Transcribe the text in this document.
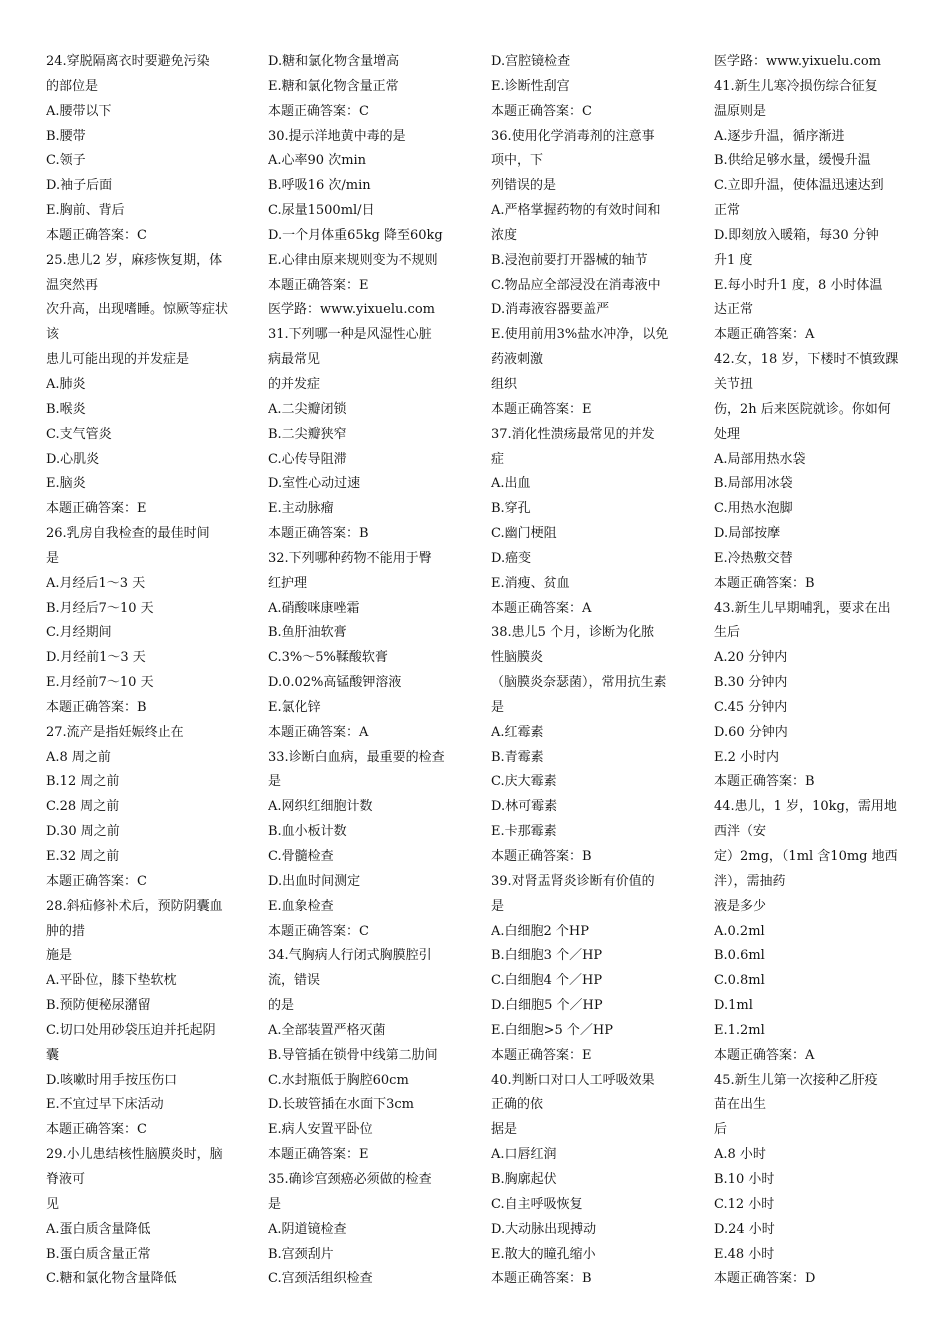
24.穿脱隔离衣时要避免污染
的部位是
A.腰带以下
B.腰带
C.领子
D.袖子后面
E.胸前、背后
本题正确答案：C
25.患儿2 岁，麻疹恢复期，体
温突然再
次升高，出现嗜睡。惊厥等症状
该
患儿可能出现的并发症是
A.肺炎
B.喉炎
C.支气管炎
D.心肌炎
E.脑炎
本题正确答案：E
26.乳房自我检查的最佳时间
是
A.月经后1～3 天
B.月经后7～10 天
C.月经期间
D.月经前1～3 天
E.月经前7～10 天
本题正确答案：B
27.流产是指妊娠终止在
A.8 周之前
B.12 周之前
C.28 周之前
D.30 周之前
E.32 周之前
本题正确答案：C
28.斜疝修补术后，预防阴囊血
肿的措
施是
A.平卧位，膝下垫软枕
B.预防便秘尿潴留
C.切口处用砂袋压迫并托起阴
囊
D.咳嗽时用手按压伤口
E.不宜过早下床活动
本题正确答案：C
29.小儿患结核性脑膜炎时，脑
脊液可
见
A.蛋白质含量降低
B.蛋白质含量正常
C.糖和氯化物含量降低
D.糖和氯化物含量增高
E.糖和氯化物含量正常
本题正确答案：C
30.提示洋地黄中毒的是
A.心率90 次min
B.呼吸16 次/min
C.尿量1500ml/日
D.一个月体重65kg 降至60kg
E.心律由原来规则变为不规则
本题正确答案：E
医学路：www.yixuelu.com
31.下列哪一种是风湿性心脏
病最常见
的并发症
A.二尖瓣闭锁
B.二尖瓣狭窄
C.心传导阻滞
D.室性心动过速
E.主动脉瘤
本题正确答案：B
32.下列哪种药物不能用于臀
红护理
A.硝酸咪康唑霜
B.鱼肝油软膏
C.3%～5%鞣酸软膏
D.0.02%高锰酸钾溶液
E.氯化锌
本题正确答案：A
33.诊断白血病，最重要的检查
是
A.网织红细胞计数
B.血小板计数
C.骨髓检查
D.出血时间测定
E.血象检查
本题正确答案：C
34.气胸病人行闭式胸膜腔引
流，错误
的是
A.全部装置严格灭菌
B.导管插在锁骨中线第二肋间
C.水封瓶低于胸腔60cm
D.长玻管插在水面下3cm
E.病人安置平卧位
本题正确答案：E
35.确诊宫颈癌必须做的检查
是
A.阴道镜检查
B.宫颈刮片
C.宫颈活组织检查
D.宫腔镜检查
E.诊断性刮宫
本题正确答案：C
36.使用化学消毒剂的注意事
项中，下
列错误的是
A.严格掌握药物的有效时间和
浓度
B.浸泡前要打开器械的轴节
C.物品应全部浸没在消毒液中
D.消毒液容器要盖严
E.使用前用3%盐水冲净，以免
药液刺激
组织
本题正确答案：E
37.消化性溃疡最常见的并发
症
A.出血
B.穿孔
C.幽门梗阻
D.癌变
E.消瘦、贫血
本题正确答案：A
38.患儿5 个月，诊断为化脓
性脑膜炎
（脑膜炎奈瑟菌），常用抗生素
是
A.红霉素
B.青霉素
C.庆大霉素
D.林可霉素
E.卡那霉素
本题正确答案：B
39.对肾盂肾炎诊断有价值的
是
A.白细胞2 个HP
B.白细胞3 个／HP
C.白细胞4 个／HP
D.白细胞5 个／HP
E.白细胞>5 个／HP
本题正确答案：E
40.判断口对口人工呼吸效果
正确的依
据是
A.口唇红润
B.胸廓起伏
C.自主呼吸恢复
D.大动脉出现搏动
E.散大的瞳孔缩小
本题正确答案：B
医学路：www.yixuelu.com
41.新生儿寒冷损伤综合征复
温原则是
A.逐步升温，循序渐进
B.供给足够水量，缓慢升温
C.立即升温，使体温迅速达到
正常
D.即刻放入暖箱，每30 分钟
升1 度
E.每小时升1 度，8 小时体温
达正常
本题正确答案：A
42.女，18 岁，下楼时不慎致踝
关节扭
伤，2h 后来医院就诊。你如何
处理
A.局部用热水袋
B.局部用冰袋
C.用热水泡脚
D.局部按摩
E.冷热敷交替
本题正确答案：B
43.新生儿早期哺乳，要求在出
生后
A.20 分钟内
B.30 分钟内
C.45 分钟内
D.60 分钟内
E.2 小时内
本题正确答案：B
44.患儿，1 岁，10kg，需用地
西泮（安
定）2mg，（1ml 含10mg 地西
泮），需抽药
液是多少
A.0.2ml
B.0.6ml
C.0.8ml
D.1ml
E.1.2ml
本题正确答案：A
45.新生儿第一次接种乙肝疫
苗在出生
后
A.8 小时
B.10 小时
C.12 小时
D.24 小时
E.48 小时
本题正确答案：D
